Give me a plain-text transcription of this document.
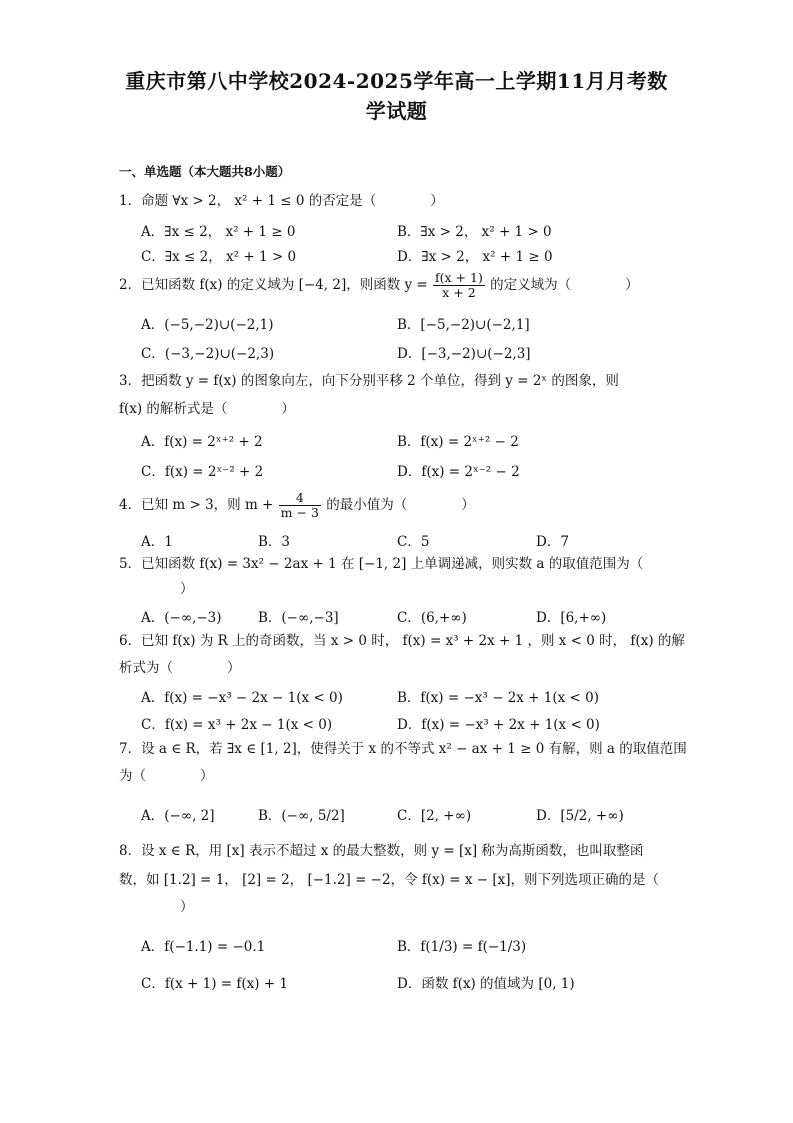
重庆市第八中学校2024-2025学年高一上学期11月月考数
学试题
一、单选题（本大题共8小题）
1．命题 ∀x > 2， x² + 1 ≤ 0 的否定是（　　　　）
A．∃x ≤ 2， x² + 1 ≥ 0	B．∃x > 2， x² + 1 > 0
C．∃x ≤ 2， x² + 1 > 0	D．∃x > 2， x² + 1 ≥ 0
2．已知函数 f(x) 的定义域为 [−4, 2]，则函数 $y = \frac{f(x + 1)}{x + 2}$ 的定义域为（　　　　）
A．(−5,−2)∪(−2,1)	B．[−5,−2)∪(−2,1]
C．(−3,−2)∪(−2,3)	D．[−3,−2)∪(−2,3]
3．把函数 y = f(x) 的图象向左，向下分别平移 2 个单位，得到 y = 2ˣ 的图象，则
f(x) 的解析式是（　　　　）
A．f(x) = 2ˣ⁺² + 2	B．f(x) = 2ˣ⁺² − 2
C．f(x) = 2ˣ⁻² + 2	D．f(x) = 2ˣ⁻² − 2
4．已知 m > 3，则 $m + \frac{4}{m - 3}$ 的最小值为（　　　　）
A．1	B．3	C．5	D．7
5．已知函数 f(x) = 3x² − 2ax + 1 在 [−1, 2] 上单调递减，则实数 a 的取值范围为（
）
A．(−∞,−3)	B．(−∞,−3]	C．(6,+∞)	D．[6,+∞)
6．已知 f(x) 为 R 上的奇函数，当 x > 0 时， f(x) = x³ + 2x + 1 ，则 x < 0 时， f(x) 的解
析式为（　　　　）
A．f(x) = −x³ − 2x − 1(x < 0)	B．f(x) = −x³ − 2x + 1(x < 0)
C．f(x) = x³ + 2x − 1(x < 0)	D．f(x) = −x³ + 2x + 1(x < 0)
7．设 a ∈ R，若 ∃x ∈ [1, 2]，使得关于 x 的不等式 x² − ax + 1 ≥ 0 有解，则 a 的取值范围
为（　　　　）
A．(−∞, 2]	B．(−∞, 5/2]	C．[2, +∞)	D．[5/2, +∞)
8．设 x ∈ R，用 [x] 表示不超过 x 的最大整数，则 y = [x] 称为高斯函数，也叫取整函
数，如 [1.2] = 1， [2] = 2， [−1.2] = −2，令 f(x) = x − [x]，则下列选项正确的是（
）
A．f(−1.1) = −0.1	B．f(1/3) = f(−1/3)
C．f(x + 1) = f(x) + 1	D．函数 f(x) 的值域为 [0, 1)
